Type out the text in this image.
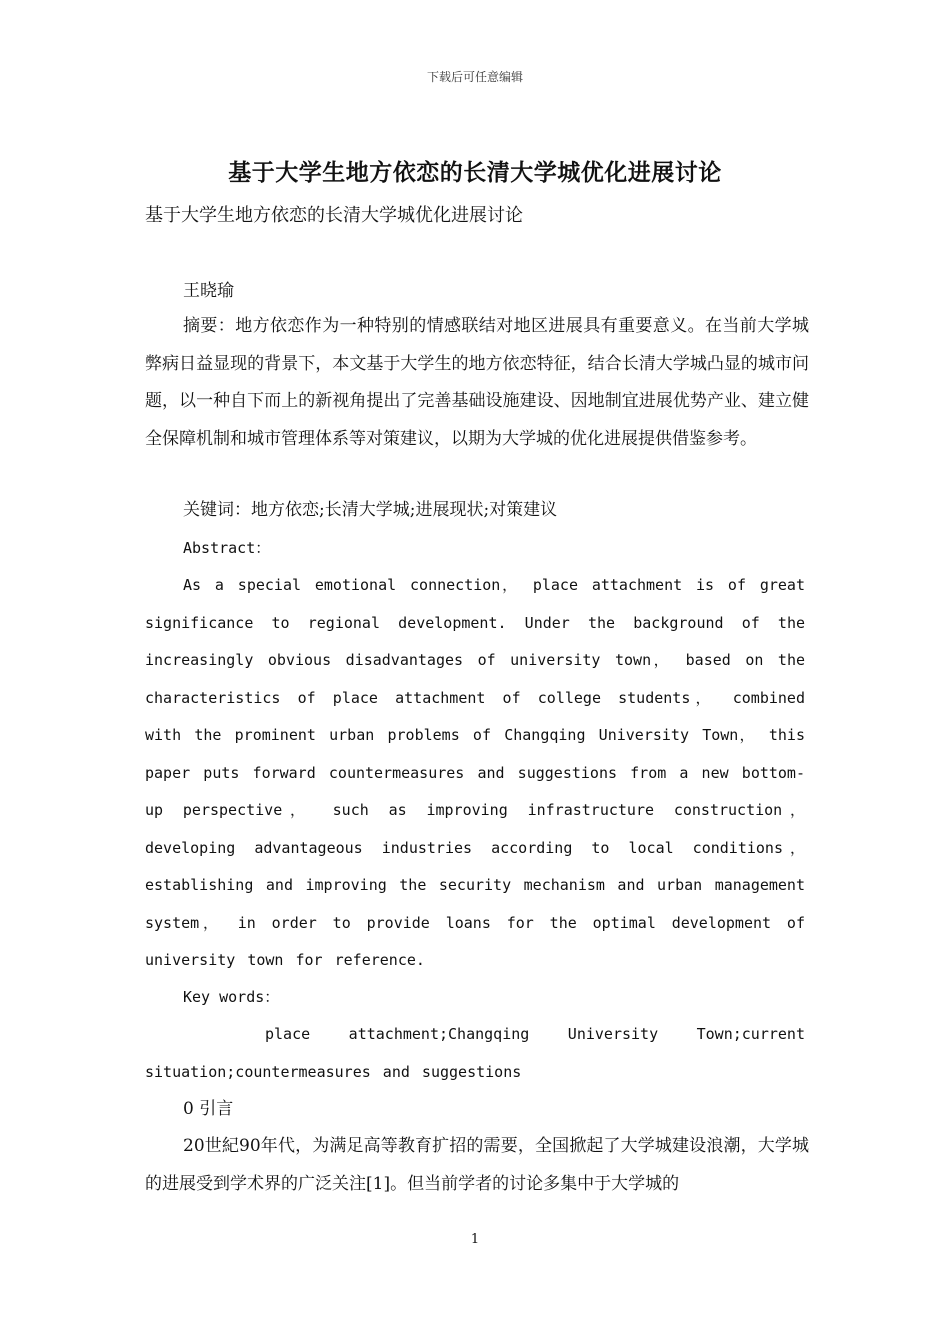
下载后可任意编辑
基于大学生地方依恋的长清大学城优化进展讨论
基于大学生地方依恋的长清大学城优化进展讨论
王晓瑜

摘要：地方依恋作为一种特别的情感联结对地区进展具有重要意义。在当前大学城弊病日益显现的背景下，本文基于大学生的地方依恋特征，结合长清大学城凸显的城市问题，以一种自下而上的新视角提出了完善基础设施建设、因地制宜进展优势产业、建立健全保障机制和城市管理体系等对策建议，以期为大学城的优化进展提供借鉴参考。

关键词：地方依恋;长清大学城;进展现状;对策建议

Abstract：

As a special emotional connection， place attachment is of great significance to regional development. Under the background of the increasingly obvious disadvantages of university town， based on the characteristics of place attachment of college students， combined with the prominent urban problems of Changqing University Town， this paper puts forward countermeasures and suggestions from a new bottom-up perspective， such as improving infrastructure construction， developing advantageous industries according to local conditions， establishing and improving the security mechanism and urban management system， in order to provide loans for the optimal development of university town for reference.

Key words：

place attachment;Changqing University Town;current situation;countermeasures and suggestions

0 引言

20世紀90年代，为满足高等教育扩招的需要，全国掀起了大学城建设浪潮，大学城的进展受到学术界的广泛关注[1]。但当前学者的讨论多集中于大学城的

1
